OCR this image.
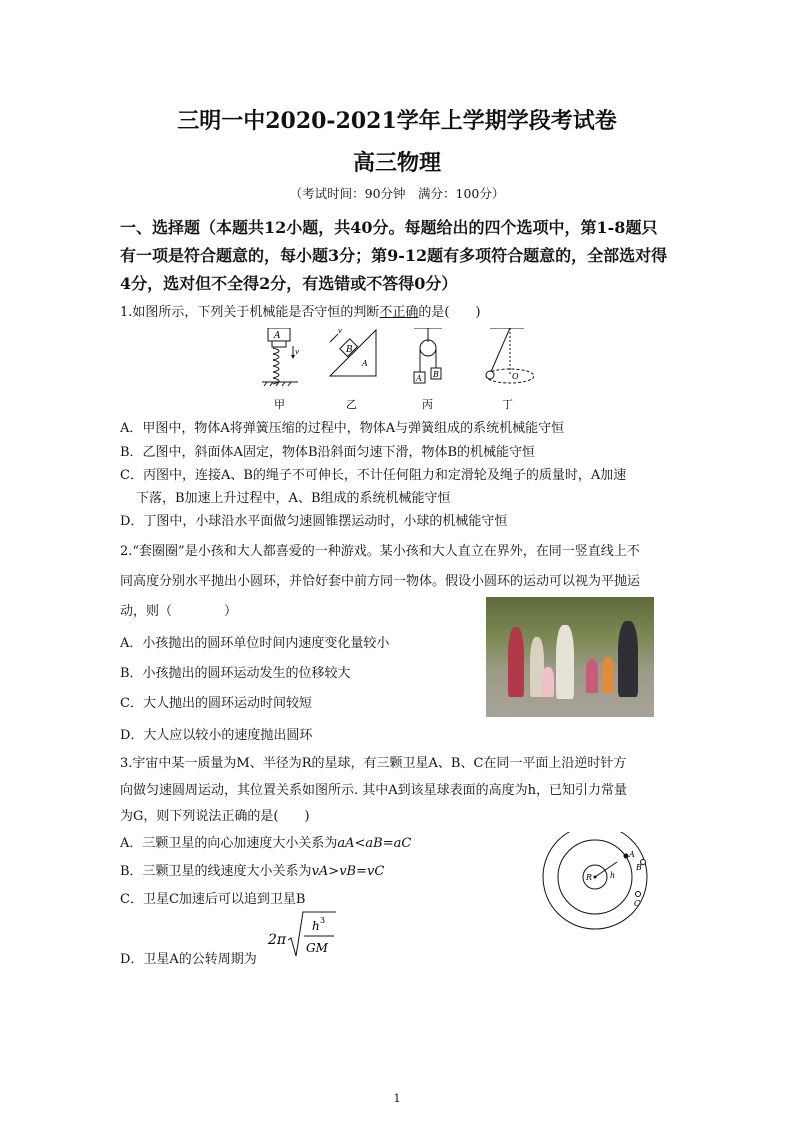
三明一中2020-2021学年上学期学段考试卷
高三物理
（考试时间：90分钟　满分：100分）
一、选择题（本题共12小题，共40分。每题给出的四个选项中，第1-8题只
有一项是符合题意的，每小题3分；第9-12题有多项符合题意的，全部选对得
4分，选对但不全得2分，有选错或不答得0分）
1.如图所示，下列关于机械能是否守恒的判断不正确的是(　　)
A
v	B
A
v
A B	O
甲	乙	丙	丁
A．甲图中，物体A将弹簧压缩的过程中，物体A与弹簧组成的系统机械能守恒
B．乙图中，斜面体A固定，物体B沿斜面匀速下滑，物体B的机械能守恒
C．丙图中，连接A、B的绳子不可伸长，不计任何阻力和定滑轮及绳子的质量时，A加速
下落，B加速上升过程中，A、B组成的系统机械能守恒
D．丁图中，小球沿水平面做匀速圆锥摆运动时，小球的机械能守恒
2.“套圈圈”是小孩和大人都喜爱的一种游戏。某小孩和大人直立在界外，在同一竖直线上不
同高度分别水平抛出小圆环，并恰好套中前方同一物体。假设小圆环的运动可以视为平抛运
动，则（　　　　）
A．小孩抛出的圆环单位时间内速度变化量较小
B．小孩抛出的圆环运动发生的位移较大
C．大人抛出的圆环运动时间较短
D．大人应以较小的速度抛出圆环
3.宇宙中某一质量为M、半径为R的星球，有三颗卫星A、B、C在同一平面上沿逆时针方
向做匀速圆周运动，其位置关系如图所示. 其中A到该星球表面的高度为h，已知引力常量
为G，则下列说法正确的是(　　)
R h
A
B
C
A．三颗卫星的向心加速度大小关系为aA<aB=aC
B．三颗卫星的线速度大小关系为vA>vB=vC
C．卫星C加速后可以追到卫星B
D．卫星A的公转周期为
2π
h 3
GM
1
